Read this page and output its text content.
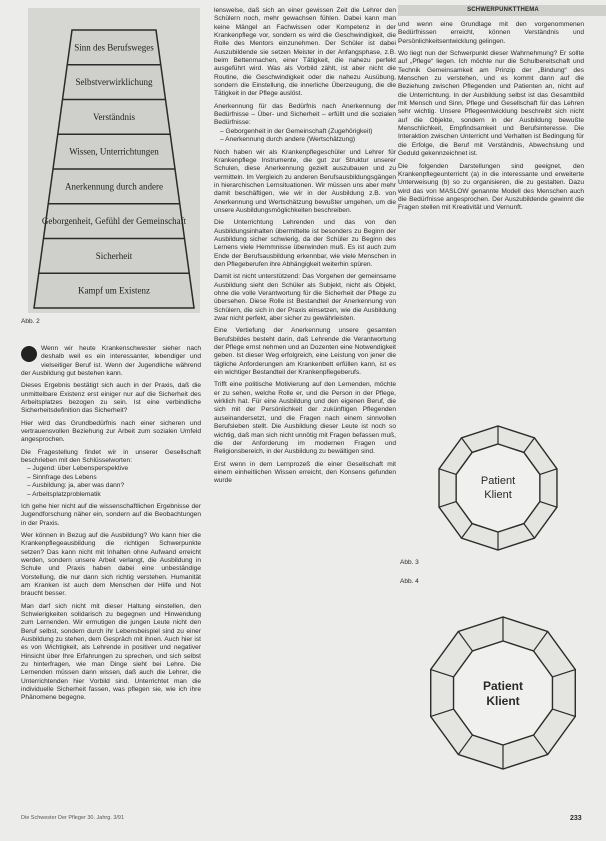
SCHWERPUNKTTHEMA
Sinn des Berufsweges
Selbstverwirklichung
Verständnis
Wissen, Unterrichtungen
Anerkennung durch andere
Geborgenheit, Gefühl der Gemeinschaft
Sicherheit
Kampf um Existenz
Abb. 2

Wenn wir heute Krankenschwester sieher nach deshalb weil es ein interessanter, lebendiger und vielseitiger Beruf ist. Wenn der Jugendliche während der Ausbildung gut bestehen kann.

Dieses Ergebnis bestätigt sich auch in der Praxis, daß die unmittelbare Existenz erst einiger nur auf die Sicherheit des Arbeitsplatzes bezogen zu sein. Ist eine verbindliche Sicherheitsdefinition das Sicherheit?

Hier wird das Grundbedürfnis nach einer sicheren und vertrauensvollen Beziehung zur Arbeit zum sozialen Umfeld angesprochen.

Die Fragestellung findet wir in unserer Gesellschaft beschrieben mit den Schlüsselworten:

– Jugend: über Lebensperspektive

– Sinnfrage des Lebens

– Ausbildung: ja, aber was dann?

– Arbeitsplatzproblematik

Ich gehe hier nicht auf die wissenschaftlichen Ergebnisse der Jugendforschung näher ein, sondern auf die Beobachtungen in der Praxis.

Wer können in Bezug auf die Ausbildung? Wo kann hier die Krankenpflegeausbildung die richtigen Schwerpunkte setzen? Das kann nicht mit Inhalten ohne Aufwand erreicht werden, sondern unsere Arbeit verlangt, die Ausbildung in Schule und Praxis haben dabei eine unbeständige Vorstellung, die nur dann sich richtig verstehen. Humanität am Kranken ist auch dem Menschen der Hilfe und Not braucht besser.

Man darf sich nicht mit dieser Haltung einstellen, den Schwierigkeiten solidarisch zu begegnen und Hinwendung zum Lernenden. Wir ermutigen die jungen Leute nicht den Beruf selbst, sondern durch ihr Lebensbeispiel sind zu einer Ausbildung zu stehen, dem Gespräch mit ihnen. Auch hier ist es von Wichtigkeit, als Lehrende in positiver und negativer Hinsicht über Ihre Erfahrungen zu sprechen, und sich selbst zu hinterfragen, wie man Dinge sieht bei Lehre. Die Lernenden müssen dann wissen, daß auch die Lehrer, die Unterrichtenden hier Vorbild sind. Unterrichtet man die individuelle Sicherheit fassen, was pflegen sie, wie ich ihre Phänomene begegne.

lenswelse, daß sich an einer gewissen Zeit die Lehrer den Schülern noch, mehr gewachsen fühlen. Dabei kann man keine Mängel an Fachwissen oder Kompetenz in der Krankenpflege vor, sondern es wird die Geschwindigkeit, die Rolle des Mentors einzunehmen. Der Schüler ist dabei Auszubildende sie setzen Meister in der Anfangsphase, z.B. beim Bettenmachen, einer Tätigkeit, die nahezu perfekt ausgeführt wird. Was als Vorbild zählt, ist aber nicht die Routine, die Geschwindigkeit oder die nahezu Ausübung, sondern die Einstellung, die innerliche Überzeugung, die die Tätigkeit in der Pflege auslöst.

Anerkennung für das Bedürfnis nach Anerkennung der Bedürfnisse – Über- und Sicherheit – erfüllt und die sozialen Bedürfnisse:

– Geborgenheit in der Gemeinschaft (Zugehörigkeit)

– Anerkennung durch andere (Wertschätzung)

Noch haben wir als Krankenpflegeschüler und Lehrer für Krankenpflege Instrumente, die gut zur Struktur unserer Schulen, diese Anerkennung gezielt auszubauen und zu vermitteln. Im Vergleich zu anderen Berufsausbildungsgängen in hierarchischen Lernsituationen. Wir müssen uns aber mehr damit beschäftigen, wie wir in der Ausbildung z.B. von Anerkennung und Wertschätzung bewußter umgehen, um die unsere Ausbildungsmöglichkeiten beschreiben.

Die Unterrichtung Lehrenden und das von den Ausbildungsinhalten übermittelte ist besonders zu Beginn der Ausbildung sicher schwierig, da der Schüler zu Beginn des Lernens viele Hemmnisse überwinden muß. Es ist auch zum Ende der Berufsausbildung erkennbar, wie viele Menschen in den Pflegeberufen ihre Abhängigkeit weiterhin spüren.

Damit ist nicht unterstützend: Das Vorgehen der gemeinsame Ausbildung sieht den Schüler als Subjekt, nicht als Objekt, ohne die volle Verantwortung für die Sicherheit der Pflege zu übersehen. Diese Rolle ist Bestandteil der Anerkennung von Schülern, die sich in der Praxis einsetzen, wie die Ausbildung zwar nicht perfekt, aber sicher zu gewährleisten.

Eine Vertiefung der Anerkennung unsere gesamten Berufsbildes besteht darin, daß Lehrende die Verantwortung der Pflege ernst nehmen und an Dozenten eine Notwendigkeit geben. Ist dieser Weg erfolgreich, eine Leistung von jener die tägliche Anforderungen am Krankenbett erfüllen kann, ist es ein wichtiger Bestandteil der Krankenpflegeberufs.

Trifft eine politische Motivierung auf den Lernenden, möchte er zu sehen, welche Rolle er, und die Person in der Pflege, wirklich hat. Für eine Ausbildung und den eigenen Beruf, die sich mit der Persönlichkeit der zukünftigen Pflegenden auseinandersetzt, und die Fragen nach einem sinnvollen Berufsleben stellt. Die Ausbildung dieser Leute ist noch so wichtig, daß man sich nicht unnötig mit Fragen befassen muß, die der Anforderung im modernen Fragen und Religionsbereich, in der Ausbildung zu bewältigen sind.

Erst wenn in dem Lernprozeß die einer Gesellschaft mit einem einheitlichen Wissen erreicht, den Konsens gefunden wurde

und wenn eine Grundlage mit den vorgenommenen Bedürfnissen erreicht, können Verständnis und Persönlichkeitsentwicklung gelingen.

Wo liegt nun der Schwerpunkt dieser Wahrnehmung? Er sollte auf „Pflege“ liegen. Ich möchte nur die Schulbereitschaft und Technik Gemeinsamkeit am Prinzip der „Bindung“ des Menschen zu verstehen, und es kommt dann auf die Beziehung zwischen Pflegenden und Patienten an, nicht auf die Unterrichtung. In der Ausbildung selbst ist das Gesamtbild mit Mensch und Sinn, Pflege und Gesellschaft für das Lehren sehr wichtig. Unsere Pflegeentwicklung beschreibt sich nicht auf die Objekte, sondern in der Ausbildung bewußte Menschlichkeit, Empfindsamkeit und Berufsinteresse. Die Interaktion zwischen Unterricht und Verhalten ist Bedingung für die Erfolge, die Beruf mit Verständnis, Abwechslung und Geduld gekennzeichnet ist.

Die folgenden Darstellungen sind geeignet, den Krankenpflegeunterricht (a) in die interessante und erweiterte Unterweisung (b) so zu organisieren, die zu gestalten. Dazu wird das von MASLOW genannte Modell des Menschen auch die Bedürfnisse angesprochen. Der Auszubildende gewinnt die Fragen stellen mit Kreativität und Vernunft.

Patient
Klient
Abb. 3
Patient
Klient
Abb. 4
Die Schwester Der Pfleger 30. Jahrg. 3/91	233
